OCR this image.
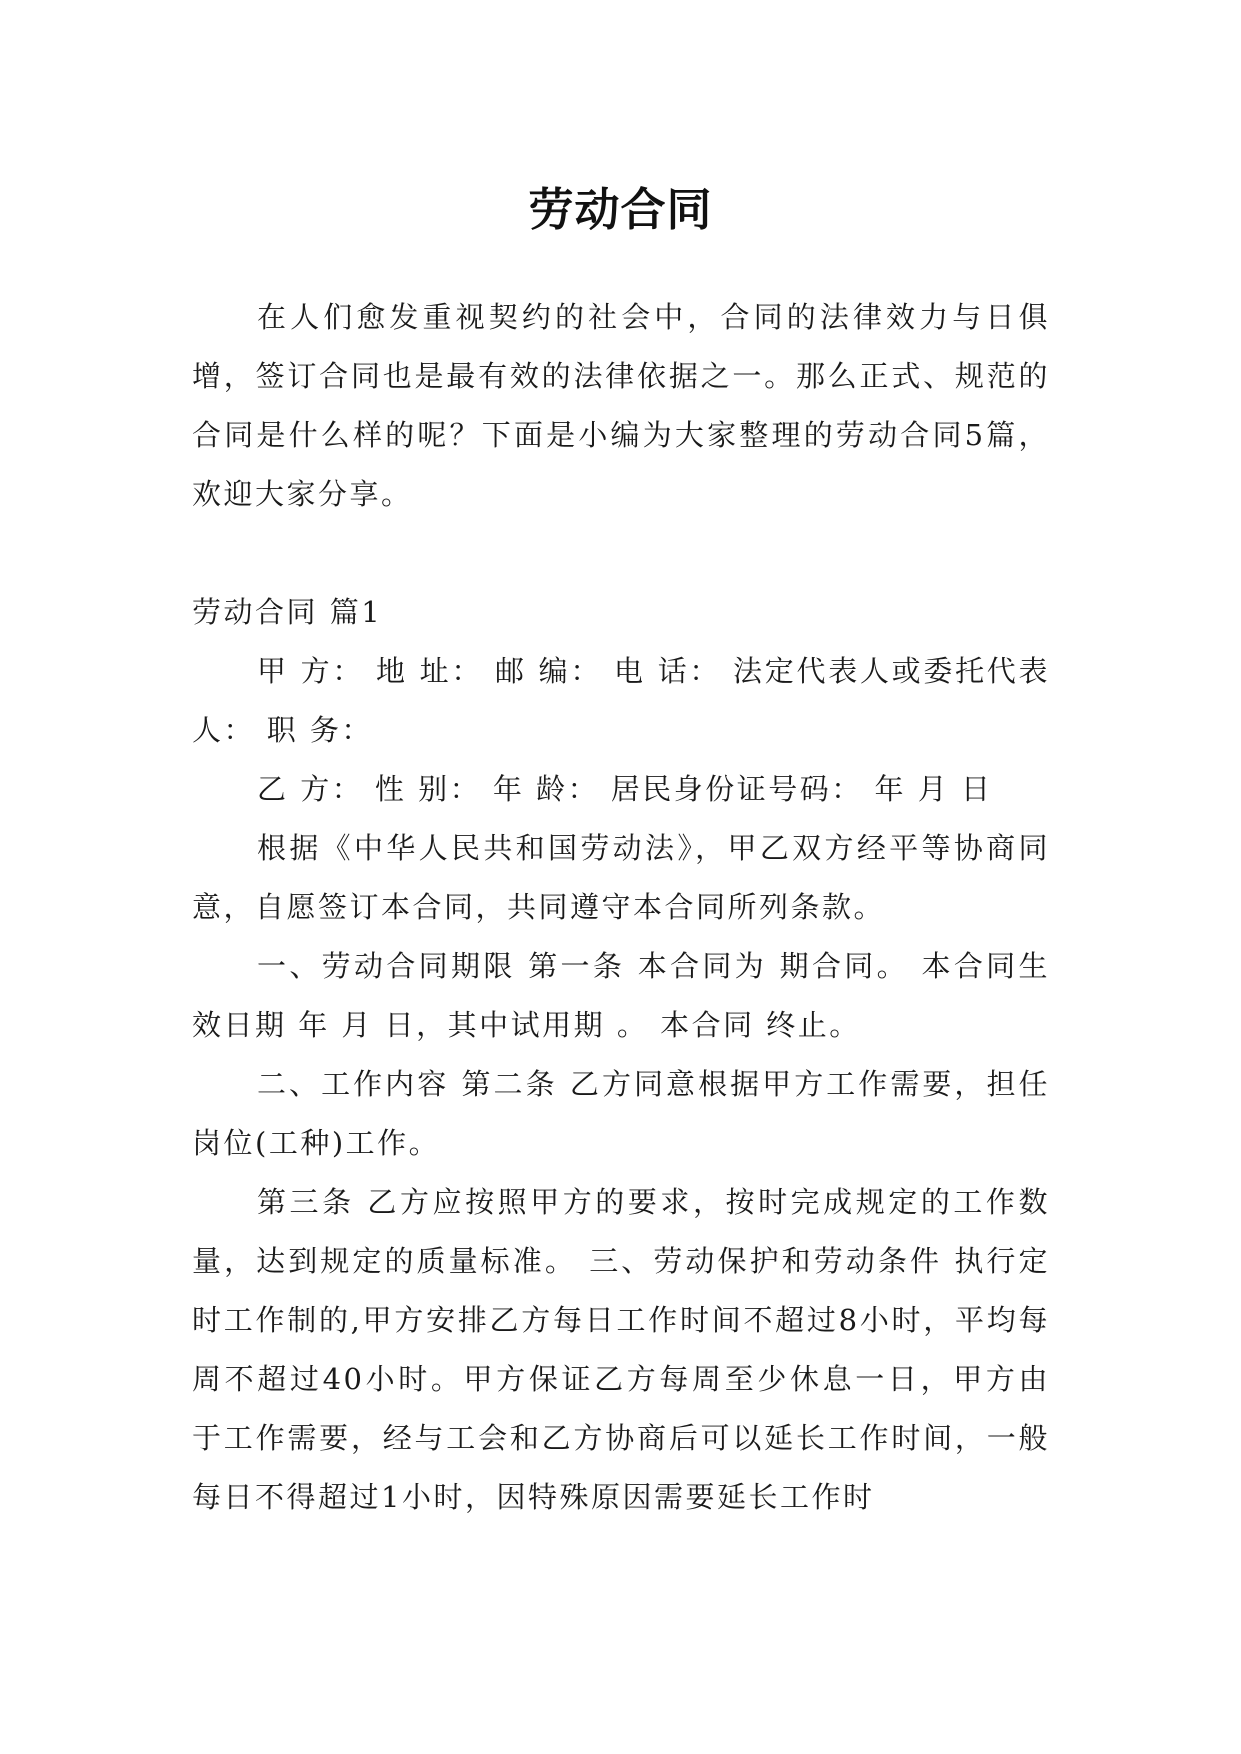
劳动合同

在人们愈发重视契约的社会中，合同的法律效力与日俱增，签订合同也是最有效的法律依据之一。那么正式、规范的合同是什么样的呢？下面是小编为大家整理的劳动合同5篇，欢迎大家分享。

劳动合同 篇1

甲 方： 地 址： 邮 编： 电 话： 法定代表人或委托代表人： 职 务：

乙 方： 性 别： 年 龄： 居民身份证号码： 年 月 日

根据《中华人民共和国劳动法》，甲乙双方经平等协商同意，自愿签订本合同，共同遵守本合同所列条款。

一、劳动合同期限 第一条 本合同为 期合同。 本合同生效日期 年 月 日，其中试用期 。 本合同 终止。

二、工作内容 第二条 乙方同意根据甲方工作需要，担任 岗位(工种)工作。

第三条 乙方应按照甲方的要求，按时完成规定的工作数量，达到规定的质量标准。 三、劳动保护和劳动条件 执行定时工作制的,甲方安排乙方每日工作时间不超过8小时，平均每周不超过40小时。甲方保证乙方每周至少休息一日，甲方由于工作需要，经与工会和乙方协商后可以延长工作时间，一般每日不得超过1小时，因特殊原因需要延长工作时
